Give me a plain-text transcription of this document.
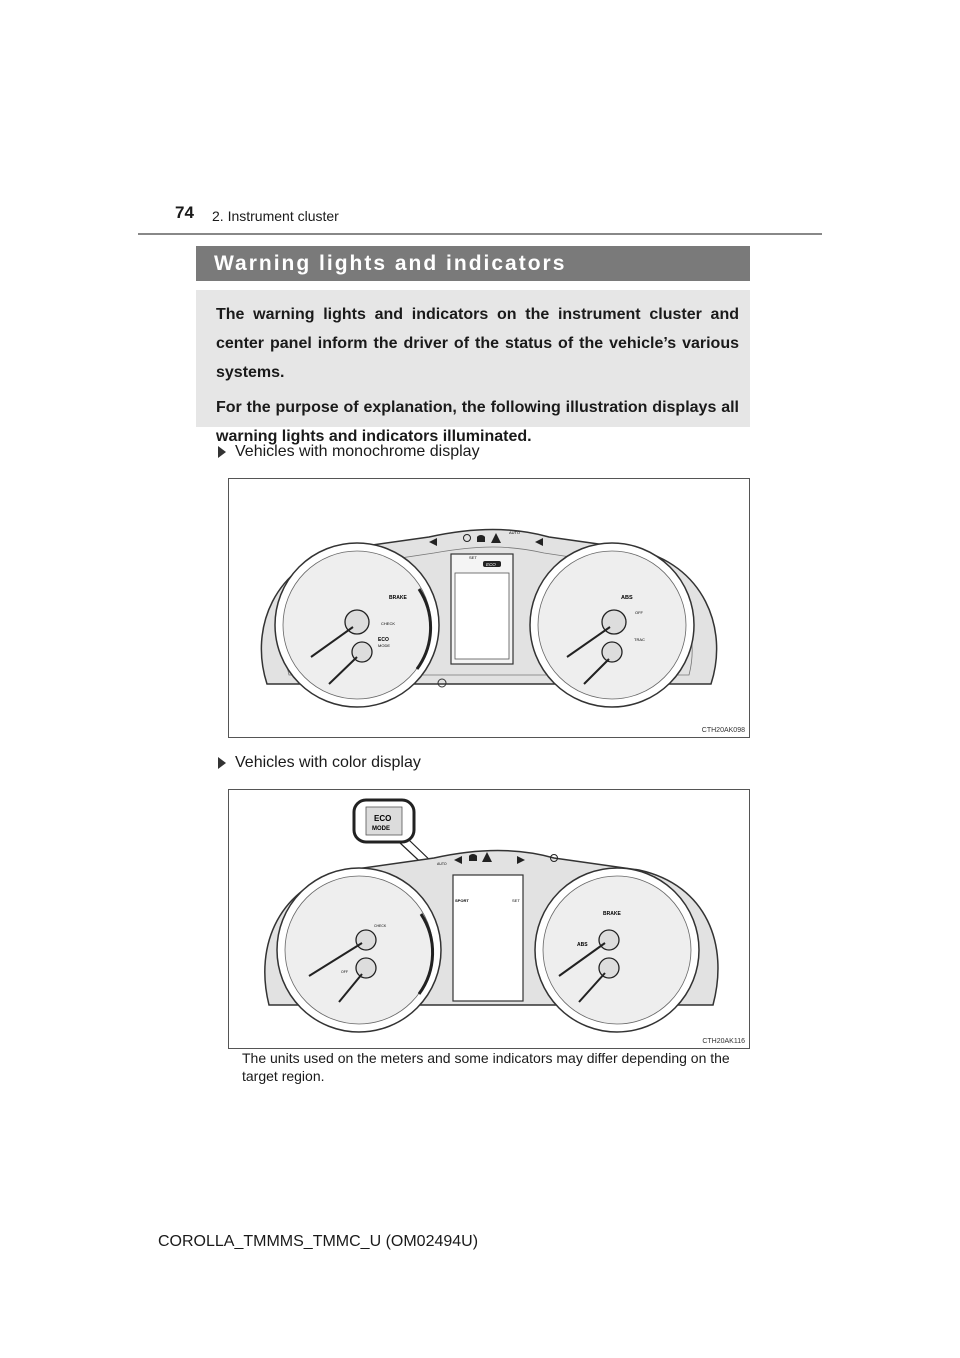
74 2. Instrument cluster
Warning lights and indicators

The warning lights and indicators on the instrument cluster and center panel inform the driver of the status of the vehicle’s various systems.

For the purpose of explanation, the following illustration displays all warning lights and indicators illuminated.

Vehicles with monochrome display
AUTO
SET
ECO
BRAKE
CHECK
ECO
MODE
ABS
OFF
TRAC
CTH20AK098
Vehicles with color display
ECO
MODE
SPORT	SET
AUTO
CHECK
OFF
BRAKE
ABS
CTH20AK116
The units used on the meters and some indicators may differ depending on the target region.
COROLLA_TMMMS_TMMC_U (OM02494U)
